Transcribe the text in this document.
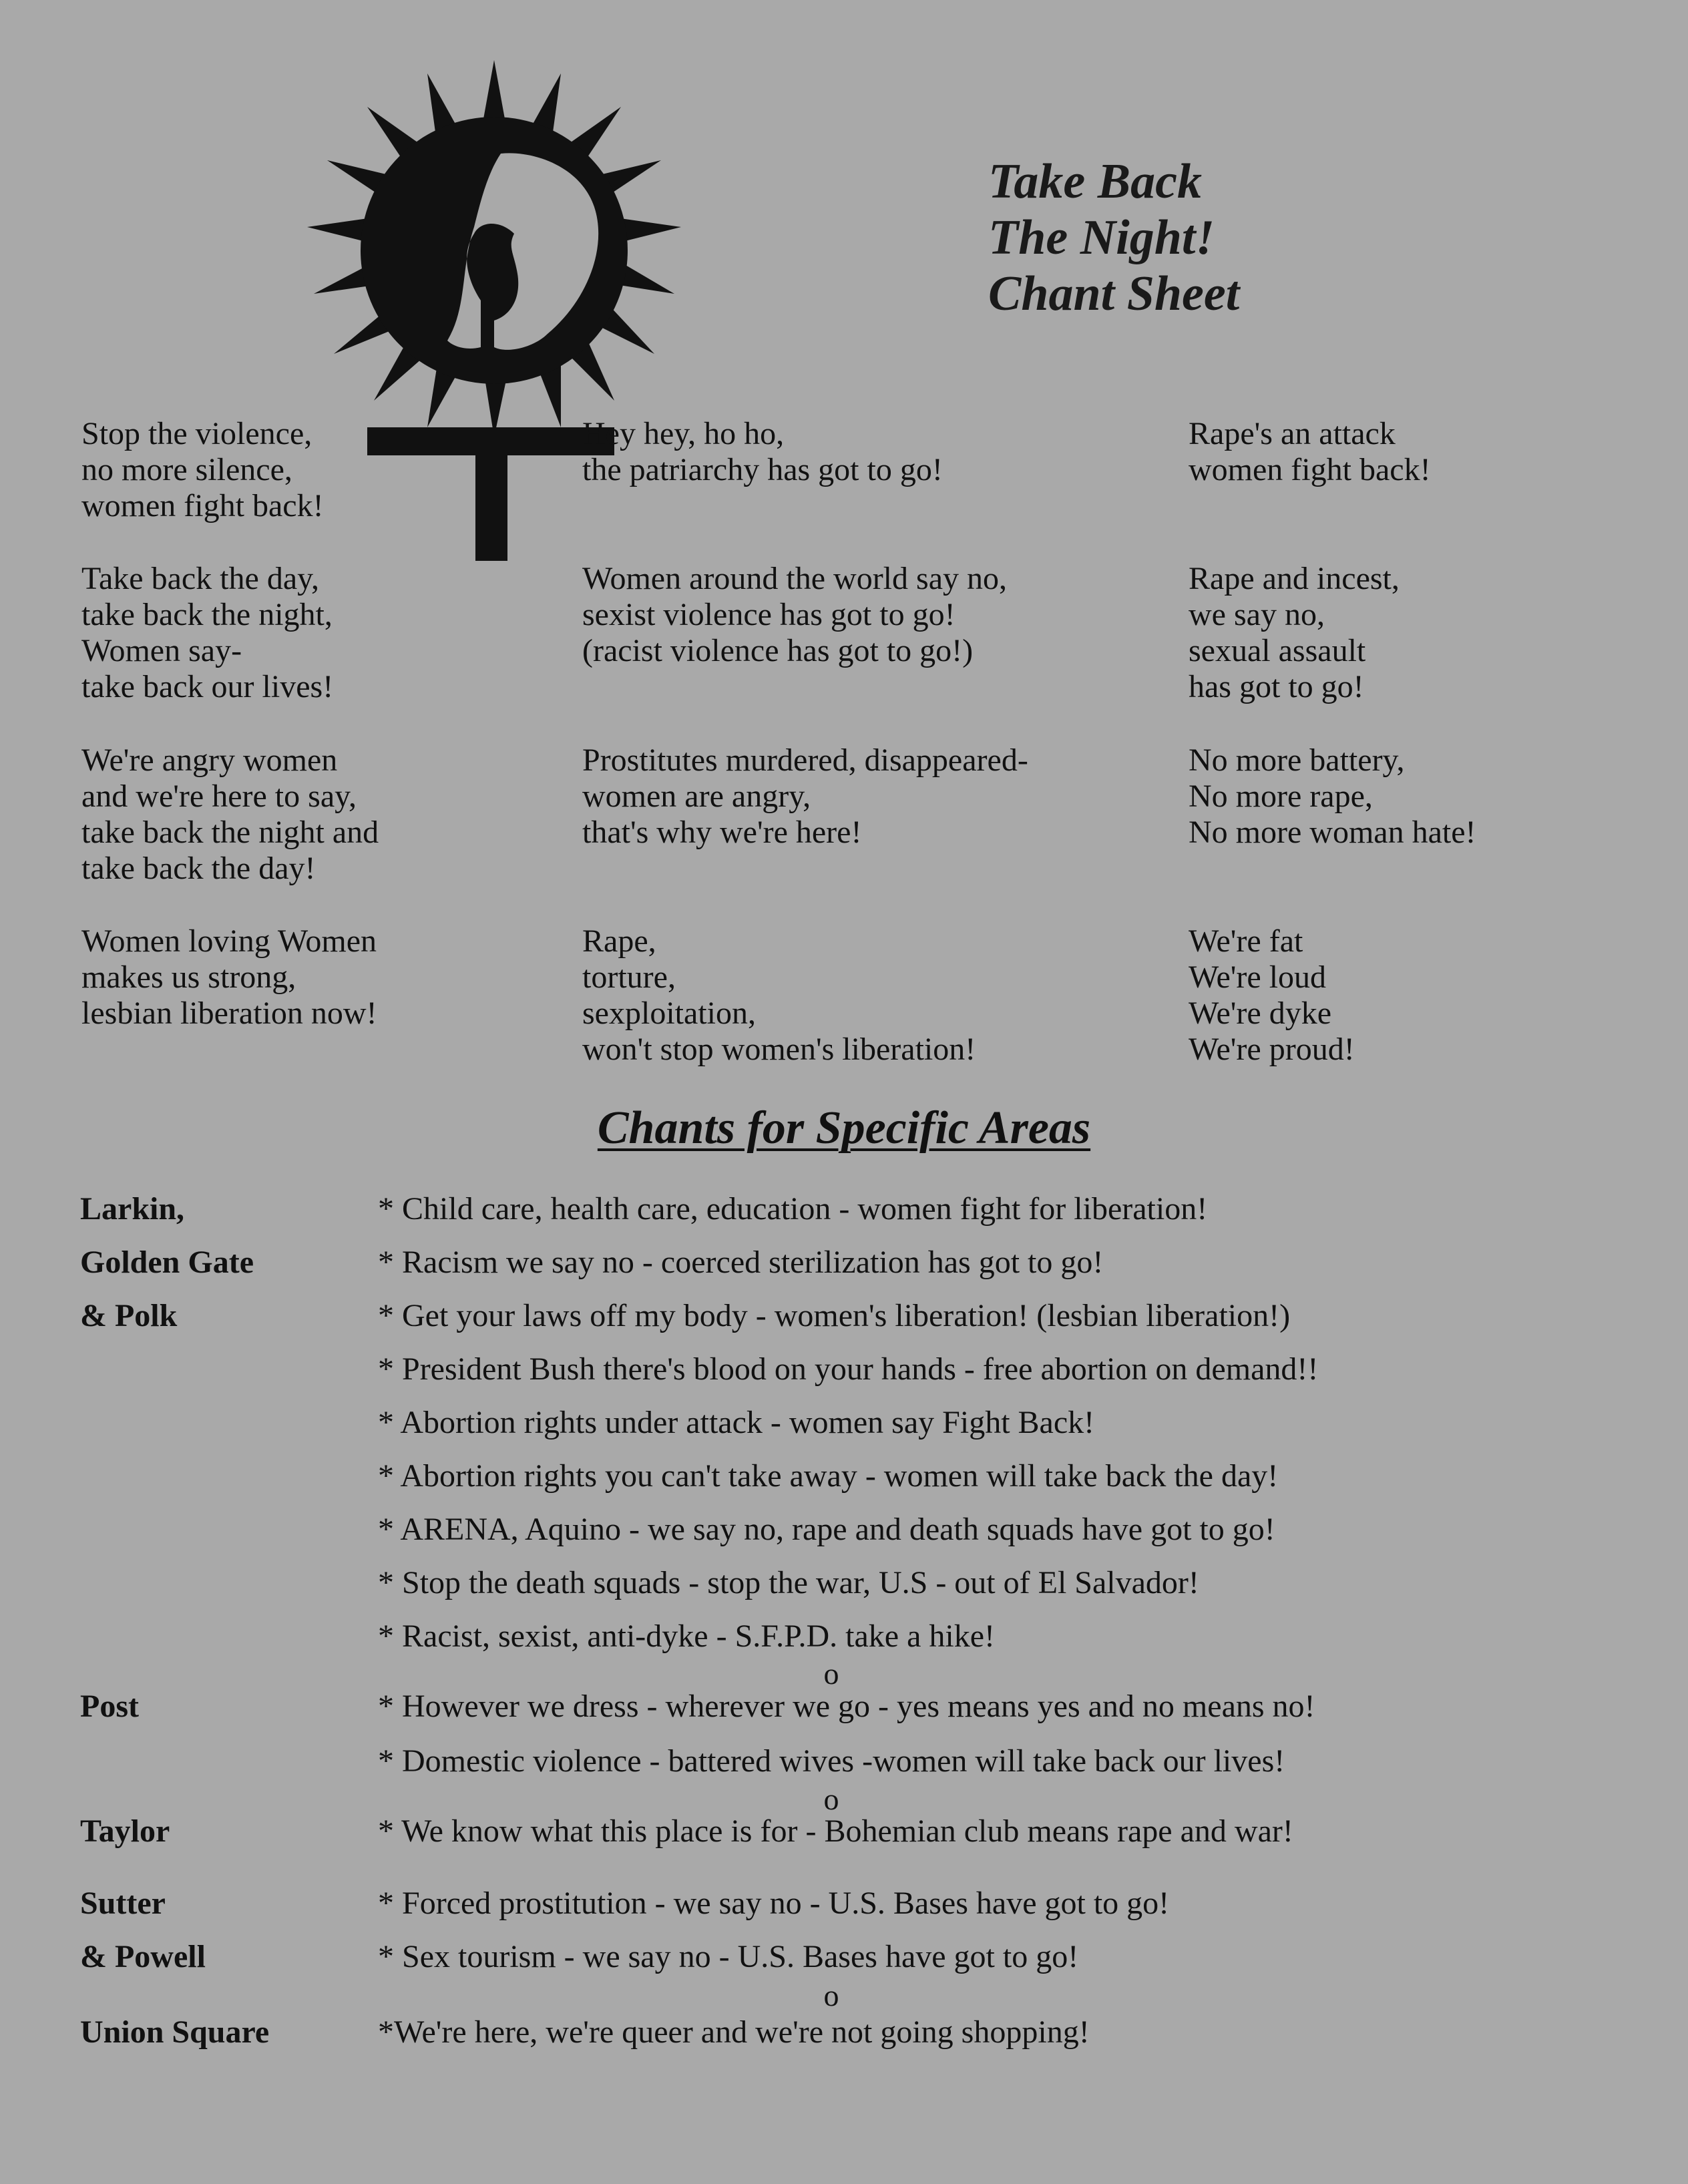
Take Back
The Night!
Chant Sheet

Stop the violence,
no more silence,
women fight back!

Take back the day,
take back the night,
Women say-
take back our lives!

We're angry women
and we're here to say,
take back the night and
take back the day!

Women loving Women
makes us strong,
lesbian liberation now!

Hey hey, ho ho,
the patriarchy has got to go!

Women around the world say no,
sexist violence has got to go!
(racist violence has got to go!)

Prostitutes murdered, disappeared-
women are angry,
that's why we're here!

Rape,
torture,
sexploitation,
won't stop women's liberation!

Rape's an attack
women fight back!

Rape and incest,
we say no,
sexual assault
has got to go!

No more battery,
No more rape,
No more woman hate!

We're fat
We're loud
We're dyke
We're proud!

Chants for Specific Areas
Larkin,
Golden Gate
& Polk
Post
Taylor
Sutter
& Powell
Union Square
* Child care, health care, education - women fight for liberation!
* Racism we say no - coerced sterilization has got to go!
* Get your laws off my body - women's liberation! (lesbian liberation!)
* President Bush there's blood on your hands - free abortion on demand!!
* Abortion rights under attack - women say Fight Back!
* Abortion rights you can't take away - women will take back the day!
* ARENA, Aquino - we say no, rape and death squads have got to go!
* Stop the death squads - stop the war, U.S - out of El Salvador!
* Racist, sexist, anti-dyke - S.F.P.D. take a hike!
o
* However we dress - wherever we go - yes means yes and no means no!
* Domestic violence - battered wives -women will take back our lives!
o
* We know what this place is for - Bohemian club means rape and war!
* Forced prostitution - we say no - U.S. Bases have got to go!
* Sex tourism - we say no - U.S. Bases have got to go!
o
*We're here, we're queer and we're not going shopping!
